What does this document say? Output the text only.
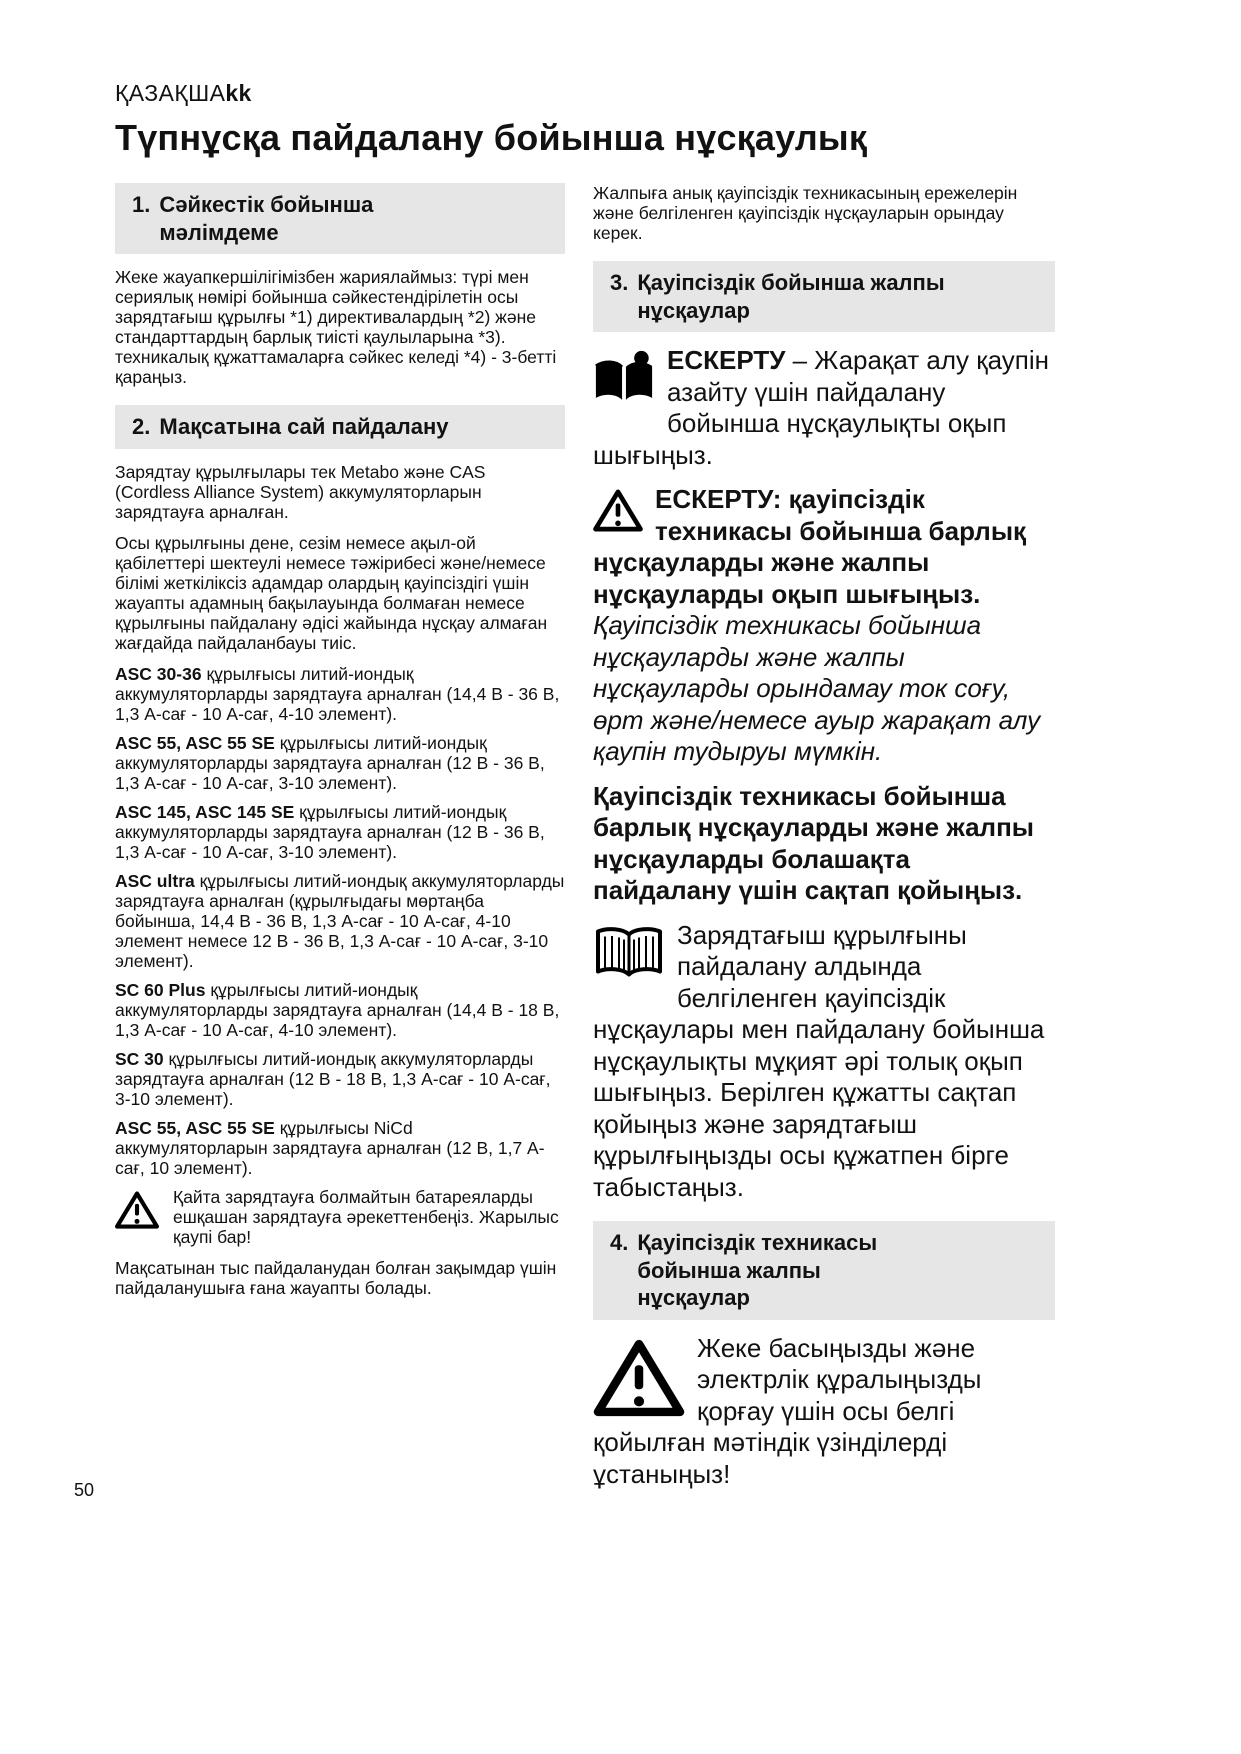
ҚАЗАҚШАkk
Түпнұсқа пайдалану бойынша нұсқаулық
1. Сәйкестік бойынша мәлімдеме

Жеке жауапкершілігімізбен жариялаймыз: түрі мен сериялық нөмірі бойынша сәйкестендірілетін осы зарядтағыш құрылғы *1) директивалардың *2) және стандарттардың барлық тиісті қаулыларына *3). техникалық құжаттамаларға сәйкес келеді *4) - 3-бетті қараңыз.

2. Мақсатына сай пайдалану

Зарядтау құрылғылары тек Metabo және CAS (Cordless Alliance System) аккумуляторларын зарядтауға арналған.

Осы құрылғыны дене, сезім немесе ақыл-ой қабілеттері шектеулі немесе тәжірибесі және/немесе білімі жеткіліксіз адамдар олардың қауіпсіздігі үшін жауапты адамның бақылауында болмаған немесе құрылғыны пайдалану әдісі жайында нұсқау алмаған жағдайда пайдаланбауы тиіс.

ASC 30-36 құрылғысы литий-иондық аккумуляторларды зарядтауға арналған (14,4 В - 36 В, 1,3 А-сағ - 10 А-сағ, 4-10 элемент).

ASC 55, ASC 55 SE құрылғысы литий-иондық аккумуляторларды зарядтауға арналған (12 В - 36 В, 1,3 А-сағ - 10 А-сағ, 3-10 элемент).

ASC 145, ASC 145 SE құрылғысы литий-иондық аккумуляторларды зарядтауға арналған (12 В - 36 В, 1,3 А-сағ - 10 А-сағ, 3-10 элемент).

ASC ultra құрылғысы литий-иондық аккумуляторларды зарядтауға арналған (құрылғыдағы мөртаңба бойынша, 14,4 В - 36 В, 1,3 А-сағ - 10 А-сағ, 4-10 элемент немесе 12 В - 36 В, 1,3 А-сағ - 10 А-сағ, 3-10 элемент).

SC 60 Plus құрылғысы литий-иондық аккумуляторларды зарядтауға арналған (14,4 В - 18 В, 1,3 А-сағ - 10 А-сағ, 4-10 элемент).

SC 30 құрылғысы литий-иондық аккумуляторларды зарядтауға арналған (12 В - 18 В, 1,3 А-сағ - 10 А-сағ, 3-10 элемент).

ASC 55, ASC 55 SE құрылғысы NiCd аккумуляторларын зарядтауға арналған (12 В, 1,7 А-сағ, 10 элемент).

Қайта зарядтауға болмайтын батареяларды ешқашан зарядтауға әрекеттенбеңіз. Жарылыс қаупі бар!

Мақсатынан тыс пайдаланудан болған зақымдар үшін пайдаланушыға ғана жауапты болады.

Жалпыға анық қауіпсіздік техникасының ережелерін және белгіленген қауіпсіздік нұсқауларын орындау керек.

3. Қауіпсіздік бойынша жалпы нұсқаулар

ЕСКЕРТУ – Жарақат алу қаупін азайту үшін пайдалану бойынша нұсқаулықты оқып шығыңыз.

ЕСКЕРТУ: қауіпсіздік техникасы бойынша барлық нұсқауларды және жалпы нұсқауларды оқып шығыңыз. Қауіпсіздік техникасы бойынша нұсқауларды және жалпы нұсқауларды орындамау ток соғу, өрт және/немесе ауыр жарақат алу қаупін тудыруы мүмкін.

Қауіпсіздік техникасы бойынша барлық нұсқауларды және жалпы нұсқауларды болашақта пайдалану үшін сақтап қойыңыз.

Зарядтағыш құрылғыны пайдалану алдында белгіленген қауіпсіздік нұсқаулары мен пайдалану бойынша нұсқаулықты мұқият әрі толық оқып шығыңыз. Берілген құжатты сақтап қойыңыз және зарядтағыш құрылғыңызды осы құжатпен бірге табыстаңыз.

4. Қауіпсіздік техникасы бойынша жалпы нұсқаулар

Жеке басыңызды және электрлік құралыңызды қорғау үшін осы белгі қойылған мәтіндік үзінділерді ұстаныңыз!

50
